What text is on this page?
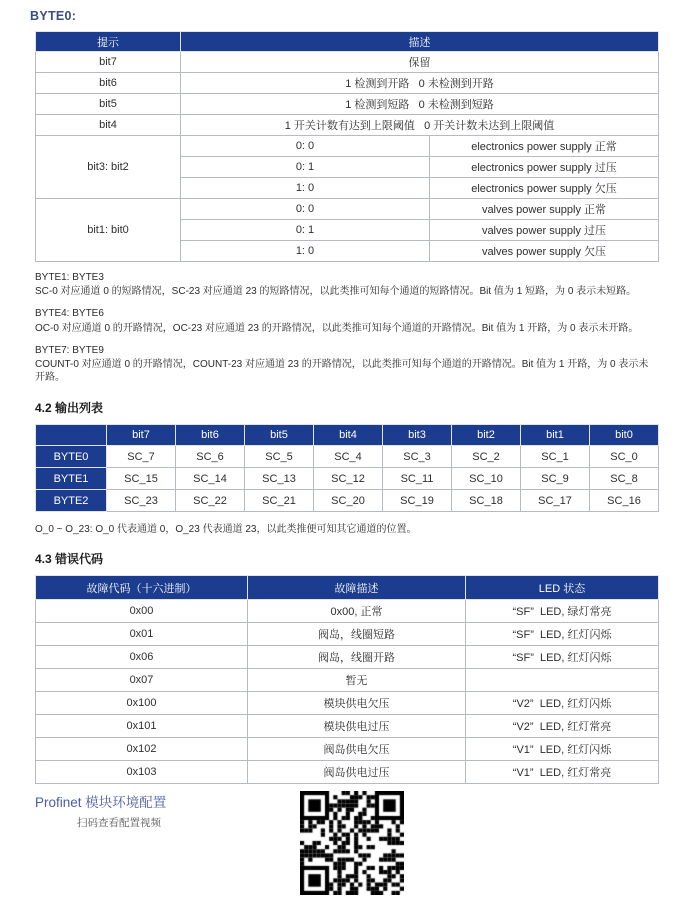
BYTE0:
提示	描述	
bit7	保留	
bit6	1 检测到开路   0 未检测到开路	
bit5	1 检测到短路   0 未检测到短路	
bit4	1 开关计数有达到上限阈值   0 开关计数未达到上限阈值	
bit3: bit2	0: 0	electronics power supply 正常
	0: 1	electronics power supply 过压
	1: 0	electronics power supply 欠压
bit1: bit0	0: 0	valves power supply 正常
	0: 1	valves power supply 过压
	1: 0	valves power supply 欠压
BYTE1: BYTE3
SC-0 对应通道 0 的短路情况，SC-23 对应通道 23 的短路情况，以此类推可知每个通道的短路情况。Bit 值为 1 短路，为 0 表示未短路。
BYTE4: BYTE6
OC-0 对应通道 0 的开路情况，OC-23 对应通道 23 的开路情况，以此类推可知每个通道的开路情况。Bit 值为 1 开路，为 0 表示未开路。
BYTE7: BYTE9
COUNT-0 对应通道 0 的开路情况，COUNT-23 对应通道 23 的开路情况，以此类推可知每个通道的开路情况。Bit 值为 1 开路，为 0 表示未开路。
4.2 输出列表
	bit7	bit6	bit5	bit4	bit3	bit2	bit1	bit0
BYTE0	SC_7	SC_6	SC_5	SC_4	SC_3	SC_2	SC_1	SC_0
BYTE1	SC_15	SC_14	SC_13	SC_12	SC_11	SC_10	SC_9	SC_8
BYTE2	SC_23	SC_22	SC_21	SC_20	SC_19	SC_18	SC_17	SC_16
O_0 ~ O_23: O_0 代表通道 0，O_23 代表通道 23，以此类推便可知其它通道的位置。
4.3 错误代码
故障代码（十六进制）	故障描述	LED 状态
0x00	0x00, 正常	“SF”  LED, 绿灯常亮
0x01	阀岛，线圈短路	“SF”  LED, 红灯闪烁
0x06	阀岛，线圈开路	“SF”  LED, 红灯闪烁
0x07	暂无	
0x100	模块供电欠压	“V2”  LED, 红灯闪烁
0x101	模块供电过压	“V2”  LED, 红灯常亮
0x102	阀岛供电欠压	“V1”  LED, 红灯闪烁
0x103	阀岛供电过压	“V1”  LED, 红灯常亮
Profinet 模块环境配置
扫码查看配置视频
